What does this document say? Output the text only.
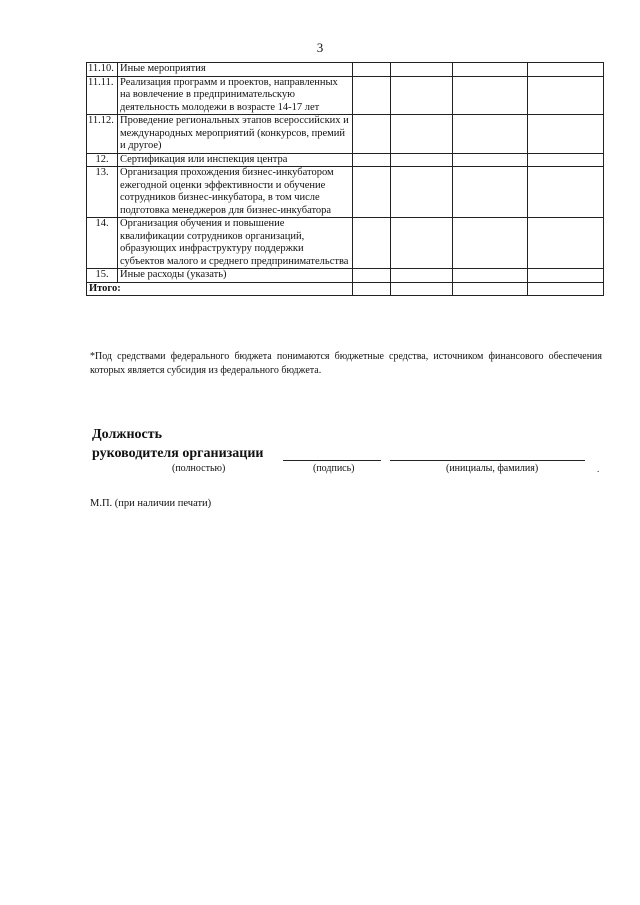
3
11.10.	Иные мероприятия				
11.11.	Реализация программ и проектов, направленных на вовлечение в предпринимательскую деятельность молодежи в возрасте 14-17 лет				
11.12.	Проведение региональных этапов всероссийских и международных мероприятий (конкурсов, премий и другое)				
12.	Сертификация или инспекция центра				
13.	Организация прохождения бизнес-инкубатором ежегодной оценки эффективности и обучение сотрудников бизнес-инкубатора, в том числе подготовка менеджеров для бизнес-инкубатора				
14.	Организация обучения и повышение квалификации сотрудников организаций, образующих инфраструктуру поддержки субъектов малого и среднего предпринимательства				
15.	Иные расходы (указать)				
Итого:					
*Под средствами федерального бюджета понимаются бюджетные средства, источником финансового обеспечения которых является субсидия из федерального бюджета.
Должность
руководителя организации
(полностью)	(подпись)	(инициалы, фамилия)	.
М.П. (при наличии печати)
